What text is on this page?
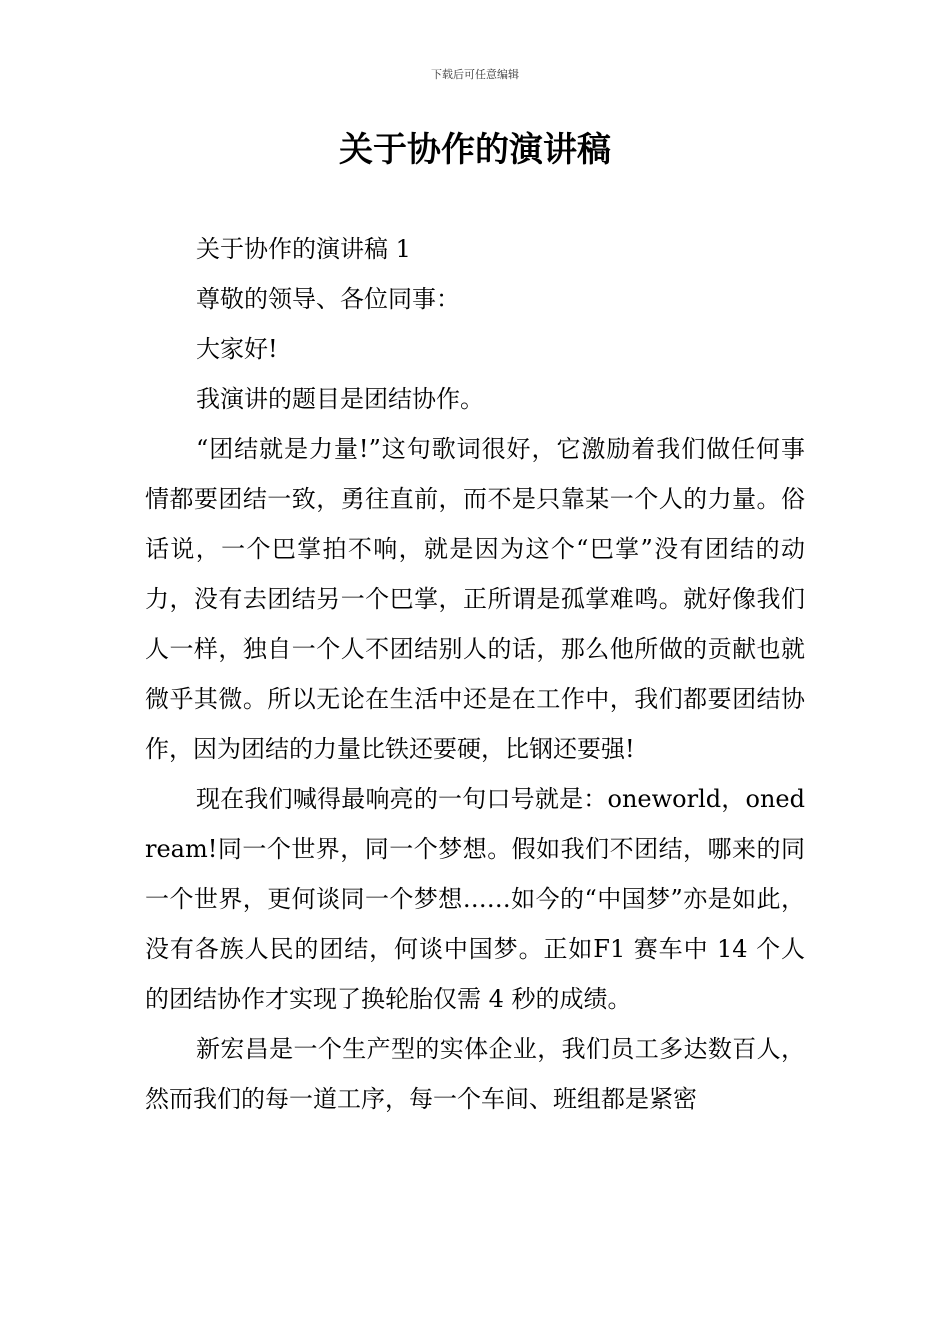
下载后可任意编辑
关于协作的演讲稿

关于协作的演讲稿 1

尊敬的领导、各位同事：

大家好!

我演讲的题目是团结协作。

“团结就是力量!”这句歌词很好，它激励着我们做任何事情都要团结一致，勇往直前，而不是只靠某一个人的力量。俗话说，一个巴掌拍不响，就是因为这个“巴掌”没有团结的动力，没有去团结另一个巴掌，正所谓是孤掌难鸣。就好像我们人一样，独自一个人不团结别人的话，那么他所做的贡献也就微乎其微。所以无论在生活中还是在工作中，我们都要团结协作，因为团结的力量比铁还要硬，比钢还要强!

现在我们喊得最响亮的一句口号就是：oneworld，onedream!同一个世界，同一个梦想。假如我们不团结，哪来的同一个世界，更何谈同一个梦想……如今的“中国梦”亦是如此，没有各族人民的团结，何谈中国梦。正如F1 赛车中 14 个人的团结协作才实现了换轮胎仅需 4 秒的成绩。

新宏昌是一个生产型的实体企业，我们员工多达数百人，然而我们的每一道工序，每一个车间、班组都是紧密
